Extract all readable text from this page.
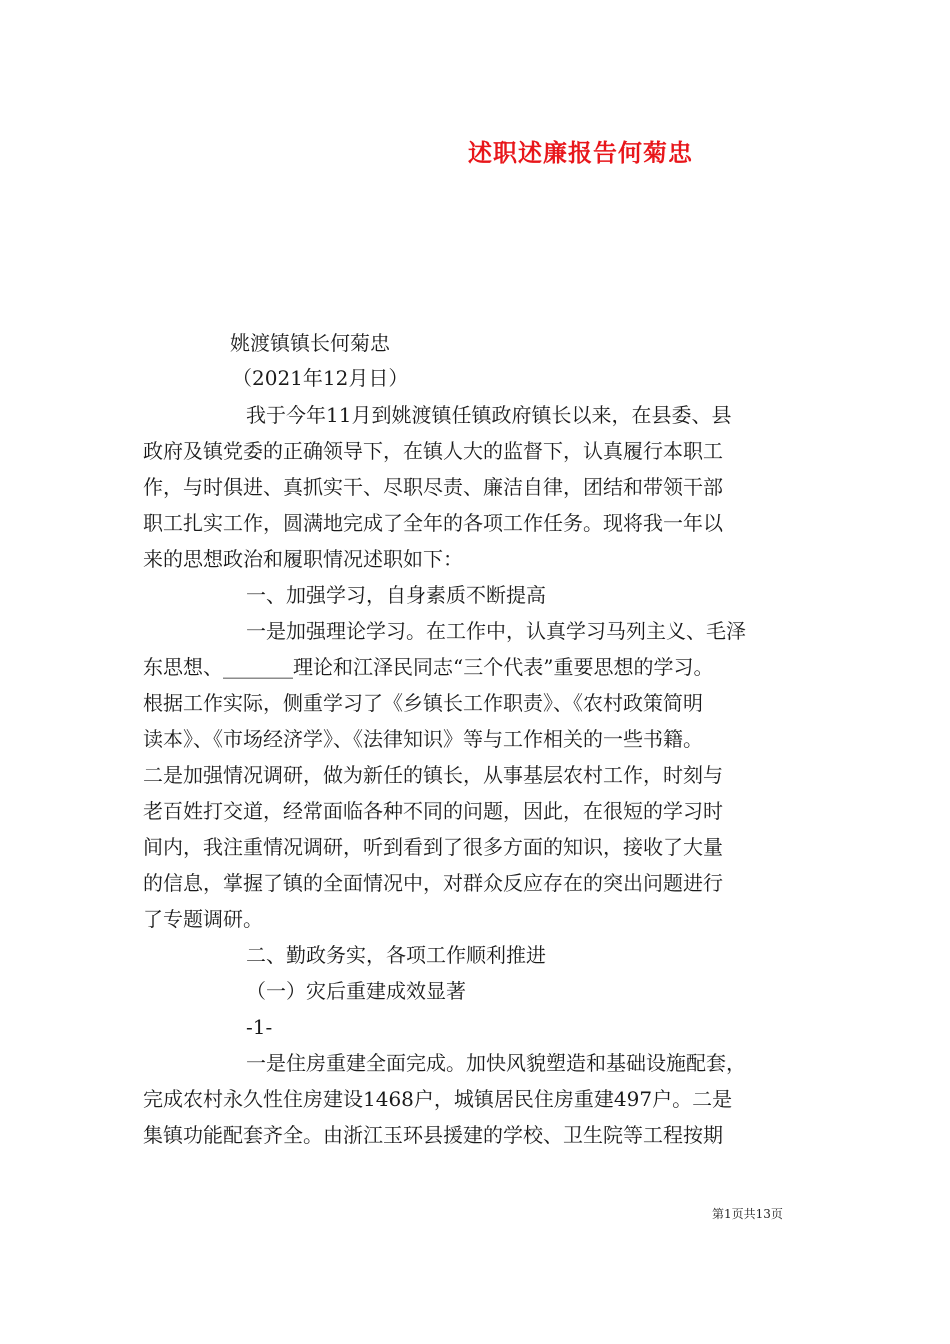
述职述廉报告何菊忠
姚渡镇镇长何菊忠
（2021年12月日）
我于今年11月到姚渡镇任镇政府镇长以来，在县委、县
政府及镇党委的正确领导下，在镇人大的监督下，认真履行本职工
作，与时俱进、真抓实干、尽职尽责、廉洁自律，团结和带领干部
职工扎实工作，圆满地完成了全年的各项工作任务。现将我一年以
来的思想政治和履职情况述职如下：
一、加强学习，自身素质不断提高
一是加强理论学习。在工作中，认真学习马列主义、毛泽
东思想、_______理论和江泽民同志“三个代表”重要思想的学习。
根据工作实际，侧重学习了《乡镇长工作职责》、《农村政策简明
读本》、《市场经济学》、《法律知识》等与工作相关的一些书籍。
二是加强情况调研，做为新任的镇长，从事基层农村工作，时刻与
老百姓打交道，经常面临各种不同的问题，因此，在很短的学习时
间内，我注重情况调研，听到看到了很多方面的知识，接收了大量
的信息，掌握了镇的全面情况中，对群众反应存在的突出问题进行
了专题调研。
二、勤政务实，各项工作顺利推进
（一）灾后重建成效显著
-1-
一是住房重建全面完成。加快风貌塑造和基础设施配套，
完成农村永久性住房建设1468户，城镇居民住房重建497户。二是
集镇功能配套齐全。由浙江玉环县援建的学校、卫生院等工程按期
第1页共13页
